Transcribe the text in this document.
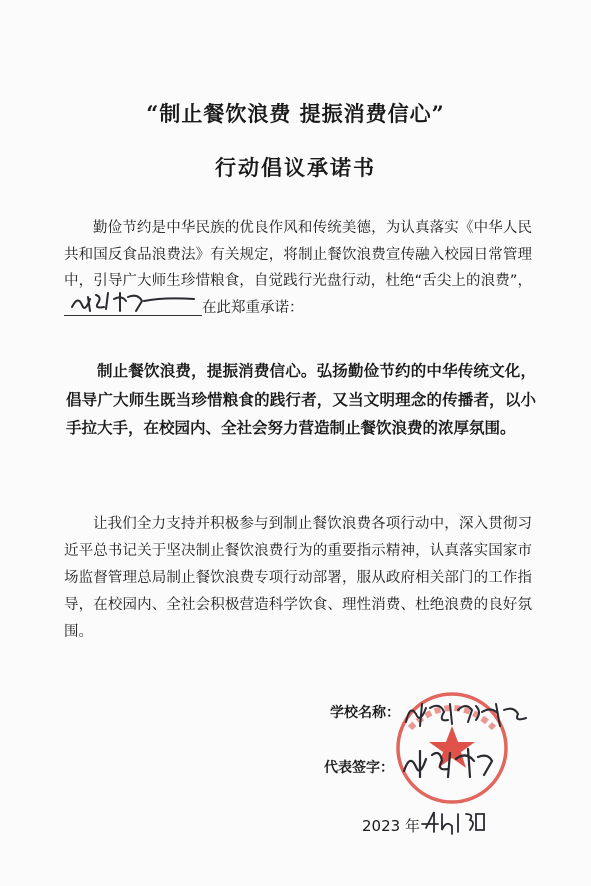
“制止餐饮浪费 提振消费信心”
行动倡议承诺书
勤俭节约是中华民族的优良作风和传统美德，为认真落实《中华人民共和国反食品浪费法》有关规定，将制止餐饮浪费宣传融入校园日常管理中，引导广大师生珍惜粮食，自觉践行光盘行动，杜绝“舌尖上的浪费”，
在此郑重承诺：
制止餐饮浪费，提振消费信心。弘扬勤俭节约的中华传统文化，倡导广大师生既当珍惜粮食的践行者，又当文明理念的传播者，以小手拉大手，在校园内、全社会努力营造制止餐饮浪费的浓厚氛围。
让我们全力支持并积极参与到制止餐饮浪费各项行动中，深入贯彻习近平总书记关于坚决制止餐饮浪费行为的重要指示精神，认真落实国家市场监督管理总局制止餐饮浪费专项行动部署，服从政府相关部门的工作指导，在校园内、全社会积极营造科学饮食、理性消费、杜绝浪费的良好氛围。
学校名称：
代表签字：
2023 年
